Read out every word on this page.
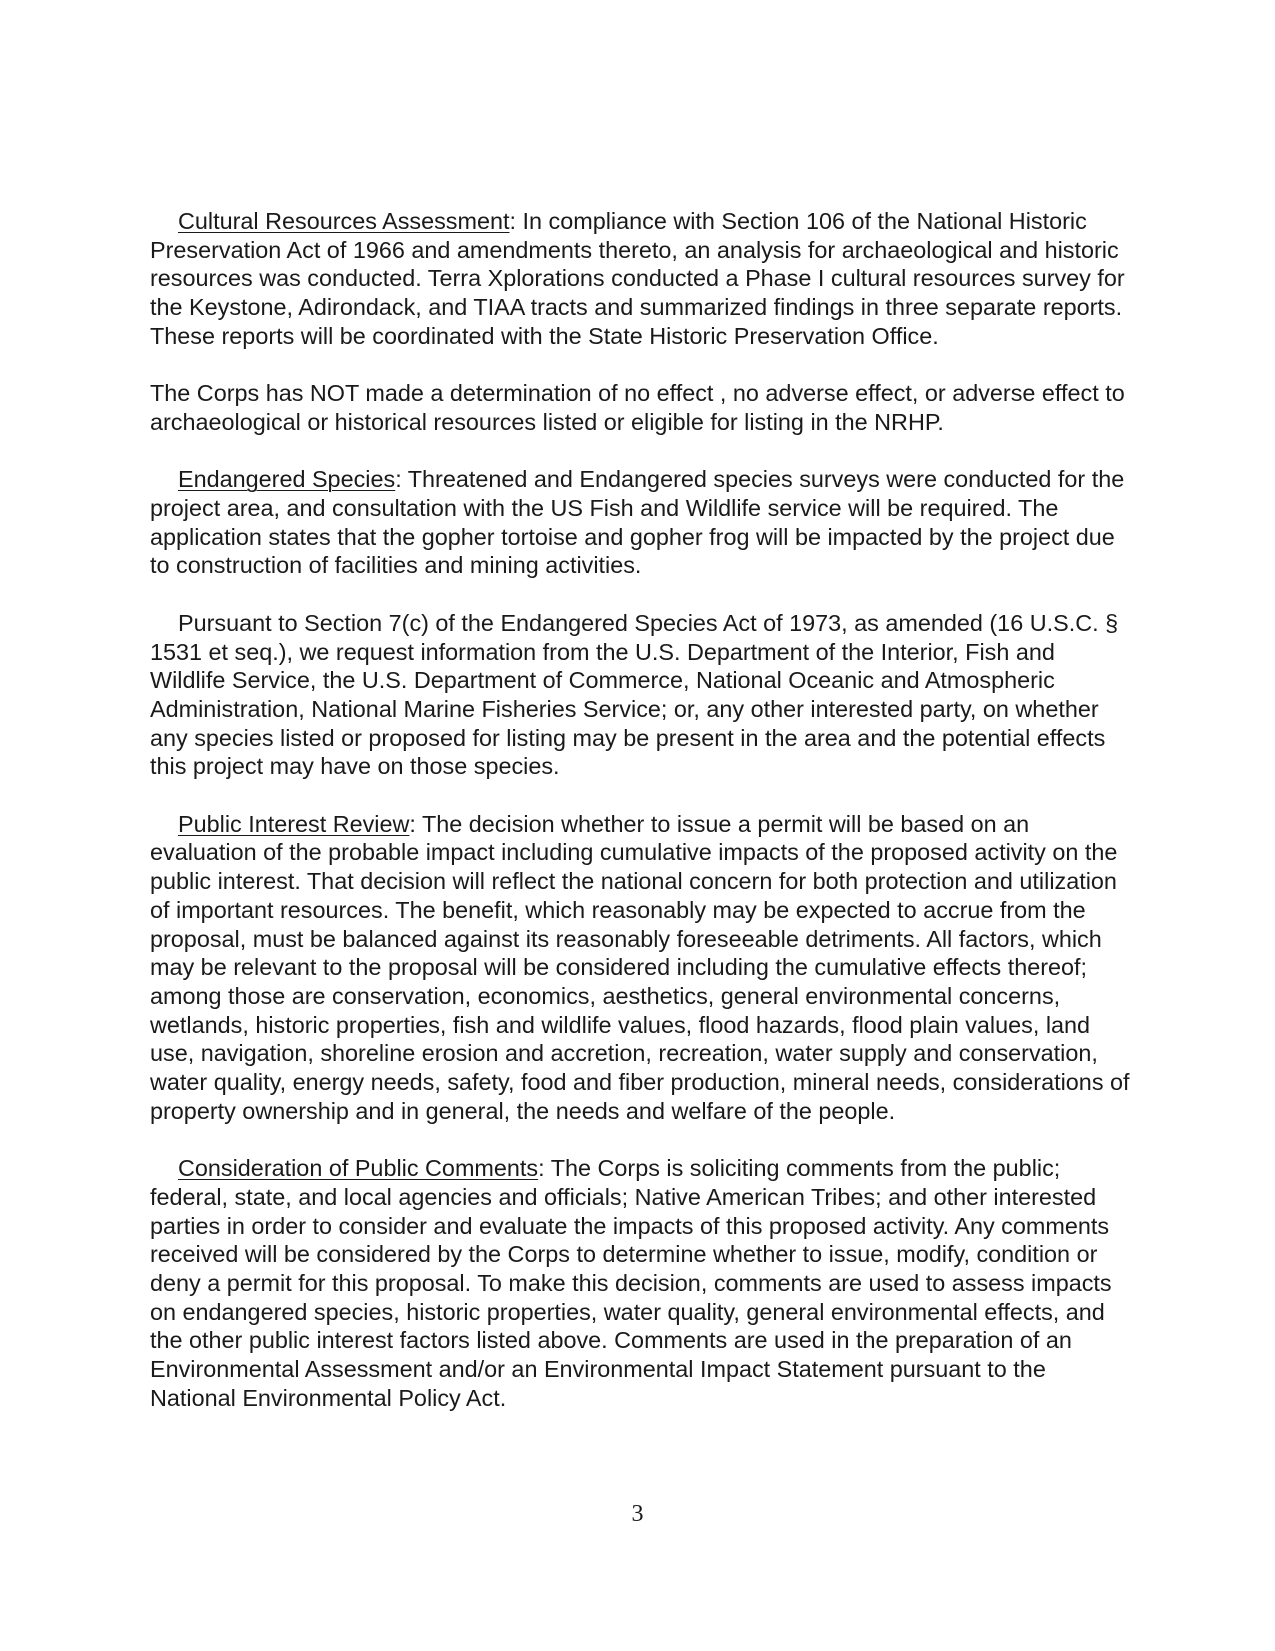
Cultural Resources Assessment: In compliance with Section 106 of the National Historic Preservation Act of 1966 and amendments thereto, an analysis for archaeological and historic resources was conducted. Terra Xplorations conducted a Phase I cultural resources survey for the Keystone, Adirondack, and TIAA tracts and summarized findings in three separate reports. These reports will be coordinated with the State Historic Preservation Office.

The Corps has NOT made a determination of no effect , no adverse effect, or adverse effect to archaeological or historical resources listed or eligible for listing in the NRHP.

Endangered Species: Threatened and Endangered species surveys were conducted for the project area, and consultation with the US Fish and Wildlife service will be required. The application states that the gopher tortoise and gopher frog will be impacted by the project due to construction of facilities and mining activities.

Pursuant to Section 7(c) of the Endangered Species Act of 1973, as amended (16 U.S.C. § 1531 et seq.), we request information from the U.S. Department of the Interior, Fish and Wildlife Service, the U.S. Department of Commerce, National Oceanic and Atmospheric Administration, National Marine Fisheries Service; or, any other interested party, on whether any species listed or proposed for listing may be present in the area and the potential effects this project may have on those species.

Public Interest Review: The decision whether to issue a permit will be based on an evaluation of the probable impact including cumulative impacts of the proposed activity on the public interest. That decision will reflect the national concern for both protection and utilization of important resources. The benefit, which reasonably may be expected to accrue from the proposal, must be balanced against its reasonably foreseeable detriments. All factors, which may be relevant to the proposal will be considered including the cumulative effects thereof; among those are conservation, economics, aesthetics, general environmental concerns, wetlands, historic properties, fish and wildlife values, flood hazards, flood plain values, land use, navigation, shoreline erosion and accretion, recreation, water supply and conservation, water quality, energy needs, safety, food and fiber production, mineral needs, considerations of property ownership and in general, the needs and welfare of the people.

Consideration of Public Comments: The Corps is soliciting comments from the public; federal, state, and local agencies and officials; Native American Tribes; and other interested parties in order to consider and evaluate the impacts of this proposed activity. Any comments received will be considered by the Corps to determine whether to issue, modify, condition or deny a permit for this proposal. To make this decision, comments are used to assess impacts on endangered species, historic properties, water quality, general environmental effects, and the other public interest factors listed above. Comments are used in the preparation of an Environmental Assessment and/or an Environmental Impact Statement pursuant to the National Environmental Policy Act.

3
